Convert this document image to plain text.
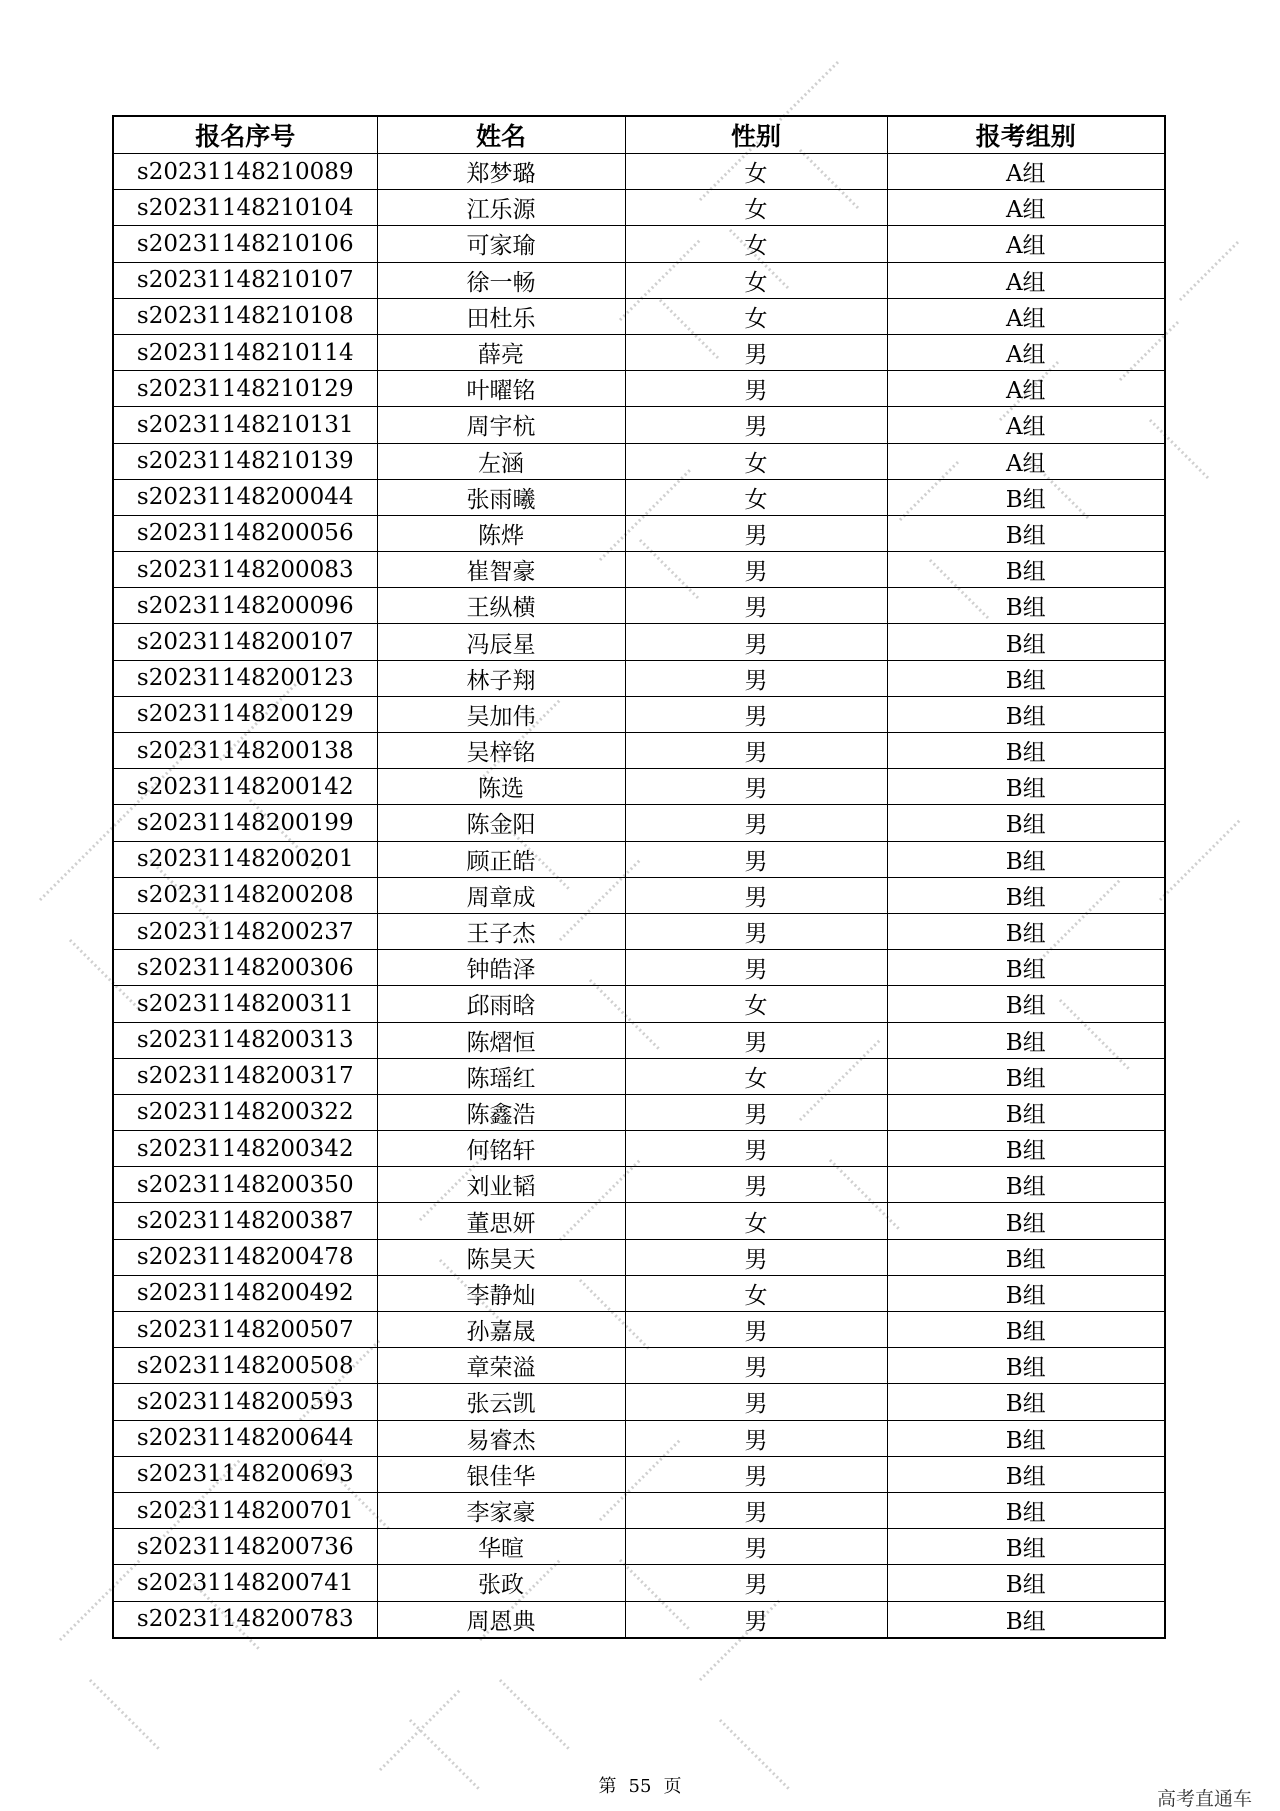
报名序号	姓名	性别	报考组别
s20231148210089	郑梦璐	女	A组
s20231148210104	江乐源	女	A组
s20231148210106	可家瑜	女	A组
s20231148210107	徐一畅	女	A组
s20231148210108	田杜乐	女	A组
s20231148210114	薛亮	男	A组
s20231148210129	叶曜铭	男	A组
s20231148210131	周宇杭	男	A组
s20231148210139	左涵	女	A组
s20231148200044	张雨曦	女	B组
s20231148200056	陈烨	男	B组
s20231148200083	崔智豪	男	B组
s20231148200096	王纵横	男	B组
s20231148200107	冯辰星	男	B组
s20231148200123	林子翔	男	B组
s20231148200129	吴加伟	男	B组
s20231148200138	吴梓铭	男	B组
s20231148200142	陈选	男	B组
s20231148200199	陈金阳	男	B组
s20231148200201	顾正皓	男	B组
s20231148200208	周章成	男	B组
s20231148200237	王子杰	男	B组
s20231148200306	钟皓泽	男	B组
s20231148200311	邱雨晗	女	B组
s20231148200313	陈熠恒	男	B组
s20231148200317	陈瑶红	女	B组
s20231148200322	陈鑫浩	男	B组
s20231148200342	何铭轩	男	B组
s20231148200350	刘业韬	男	B组
s20231148200387	董思妍	女	B组
s20231148200478	陈昊天	男	B组
s20231148200492	李静灿	女	B组
s20231148200507	孙嘉晟	男	B组
s20231148200508	章荣溢	男	B组
s20231148200593	张云凯	男	B组
s20231148200644	易睿杰	男	B组
s20231148200693	银佳华	男	B组
s20231148200701	李家豪	男	B组
s20231148200736	华暄	男	B组
s20231148200741	张政	男	B组
s20231148200783	周恩典	男	B组
第 55 页
高考直通车
